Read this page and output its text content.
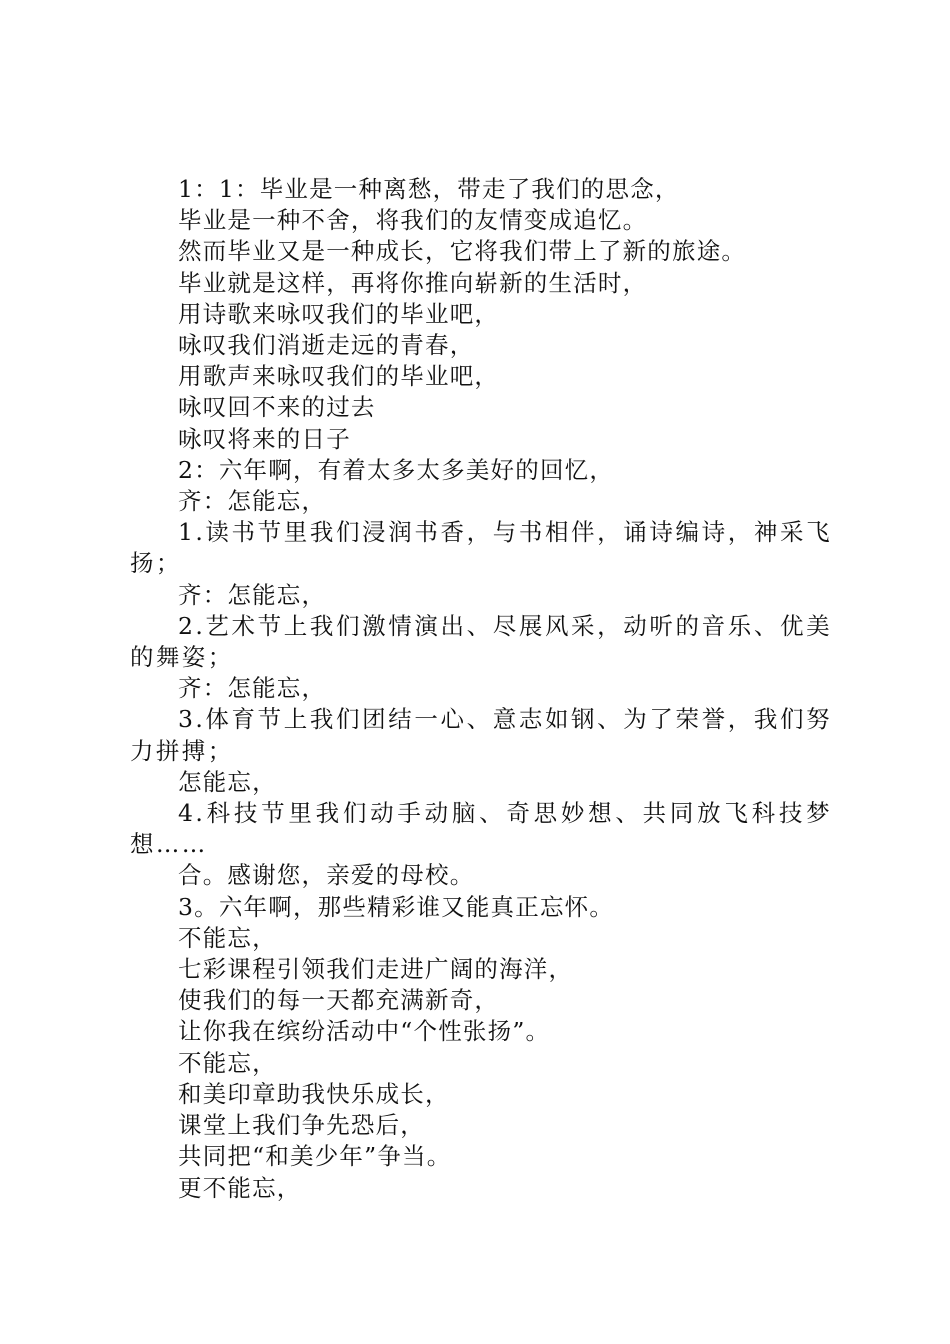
1：1：毕业是一种离愁，带走了我们的思念，

毕业是一种不舍，将我们的友情变成追忆。

然而毕业又是一种成长，它将我们带上了新的旅途。

毕业就是这样，再将你推向崭新的生活时，

用诗歌来咏叹我们的毕业吧，

咏叹我们消逝走远的青春，

用歌声来咏叹我们的毕业吧，

咏叹回不来的过去

咏叹将来的日子

2：六年啊，有着太多太多美好的回忆，

齐：怎能忘，

1.读书节里我们浸润书香，与书相伴，诵诗编诗，神采飞扬；

齐：怎能忘，

2.艺术节上我们激情演出、尽展风采，动听的音乐、优美的舞姿；

齐：怎能忘，

3.体育节上我们团结一心、意志如钢、为了荣誉，我们努力拼搏；

怎能忘，

4.科技节里我们动手动脑、奇思妙想、共同放飞科技梦想……

合。感谢您，亲爱的母校。

3。六年啊，那些精彩谁又能真正忘怀。

不能忘，

七彩课程引领我们走进广阔的海洋，

使我们的每一天都充满新奇，

让你我在缤纷活动中“个性张扬”。

不能忘，

和美印章助我快乐成长，

课堂上我们争先恐后，

共同把“和美少年”争当。

更不能忘，
